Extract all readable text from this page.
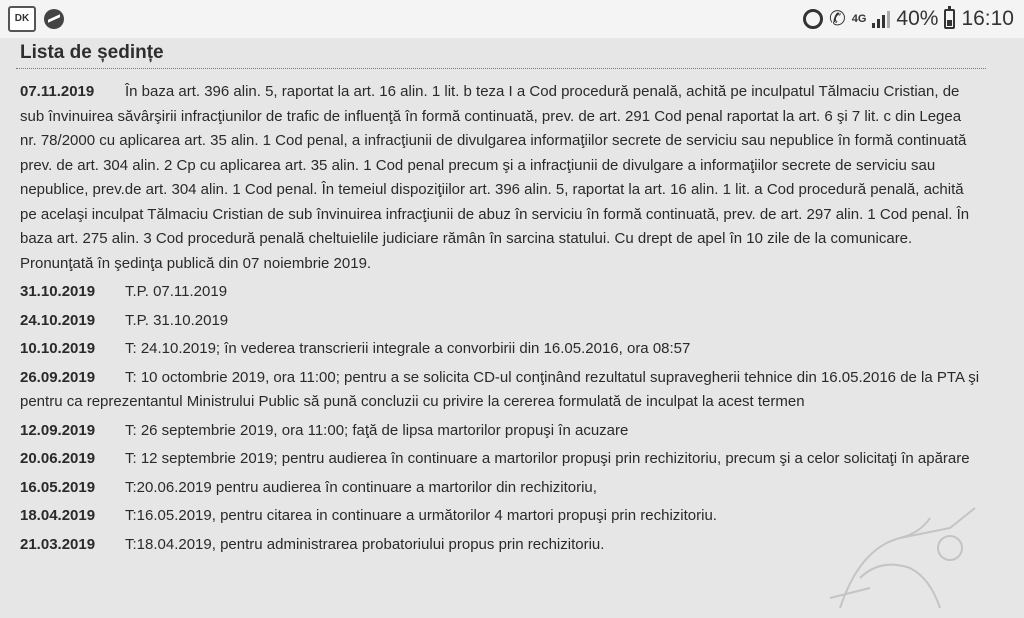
DK	✆ 4G 40% 16:10
Lista de ședințe
07.11.2019 În baza art. 396 alin. 5, raportat la art. 16 alin. 1 lit. b teza I a Cod procedură penală, achită pe inculpatul Tălmaciu Cristian, de sub învinuirea săvârşirii infracţiunilor de trafic de influenţă în formă continuată, prev. de art. 291 Cod penal raportat la art. 6 şi 7 lit. c din Legea nr. 78/2000 cu aplicarea art. 35 alin. 1 Cod penal, a infracţiunii de divulgarea informaţiilor secrete de serviciu sau nepublice în formă continuată prev. de art. 304 alin. 2 Cp cu aplicarea art. 35 alin. 1 Cod penal precum şi a infracţiunii de divulgare a informaţiilor secrete de serviciu sau nepublice, prev.de art. 304 alin. 1 Cod penal. În temeiul dispoziţiilor art. 396 alin. 5, raportat la art. 16 alin. 1 lit. a Cod procedură penală, achită pe acelaşi inculpat Tălmaciu Cristian de sub învinuirea infracţiunii de abuz în serviciu în formă continuată, prev. de art. 297 alin. 1 Cod penal. În baza art. 275 alin. 3 Cod procedură penală cheltuielile judiciare rămân în sarcina statului. Cu drept de apel în 10 zile de la comunicare. Pronunţată în şedinţa publică din 07 noiembrie 2019.
31.10.2019 T.P. 07.11.2019
24.10.2019 T.P. 31.10.2019
10.10.2019 T: 24.10.2019; în vederea transcrierii integrale a convorbirii din 16.05.2016, ora 08:57
26.09.2019 T: 10 octombrie 2019, ora 11:00; pentru a se solicita CD-ul conţinând rezultatul supravegherii tehnice din 16.05.2016 de la PTA şi pentru ca reprezentantul Ministrului Public să pună concluzii cu privire la cererea formulată de inculpat la acest termen
12.09.2019 T: 26 septembrie 2019, ora 11:00; faţă de lipsa martorilor propuşi în acuzare
20.06.2019 T: 12 septembrie 2019; pentru audierea în continuare a martorilor propuşi prin rechizitoriu, precum şi a celor solicitaţi în apărare
16.05.2019 T:20.06.2019 pentru audierea în continuare a martorilor din rechizitoriu,
18.04.2019 T:16.05.2019, pentru citarea in continuare a următorilor 4 martori propuşi prin rechizitoriu.
21.03.2019 T:18.04.2019, pentru administrarea probatoriului propus prin rechizitoriu.
